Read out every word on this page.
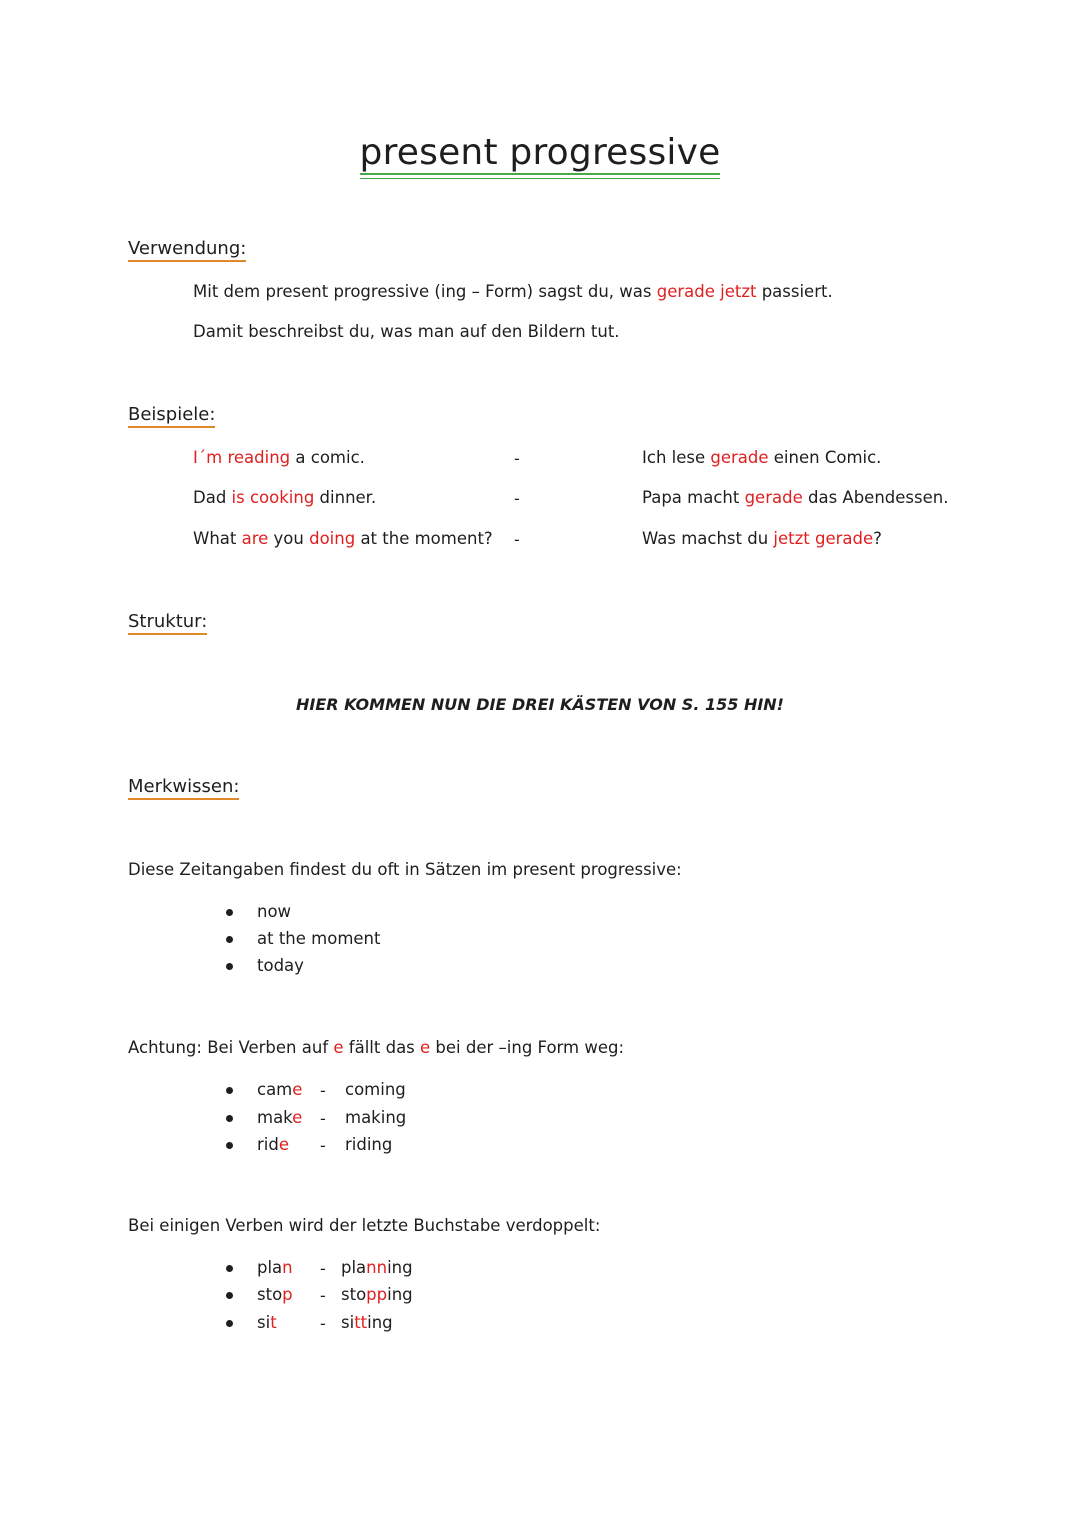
present progressive
Verwendung:
Mit dem present progressive (ing – Form) sagst du, was gerade jetzt passiert.
Damit beschreibst du, was man auf den Bildern tut.
Beispiele:
I´m reading a comic.	-	Ich lese gerade einen Comic.
Dad is cooking dinner.	-	Papa macht gerade das Abendessen.
What are you doing at the moment? -	Was machst du jetzt gerade?
Struktur:
HIER KOMMEN NUN DIE DREI KÄSTEN VON S. 155 HIN!
Merkwissen:
Diese Zeitangaben findest du oft in Sätzen im present progressive:
now
at the moment
today
Achtung: Bei Verben auf e fällt das e bei der –ing Form weg:
came - coming
make - making
ride - riding
Bei einigen Verben wird der letzte Buchstabe verdoppelt:
plan - planning
stop - stopping
sit	- sitting
